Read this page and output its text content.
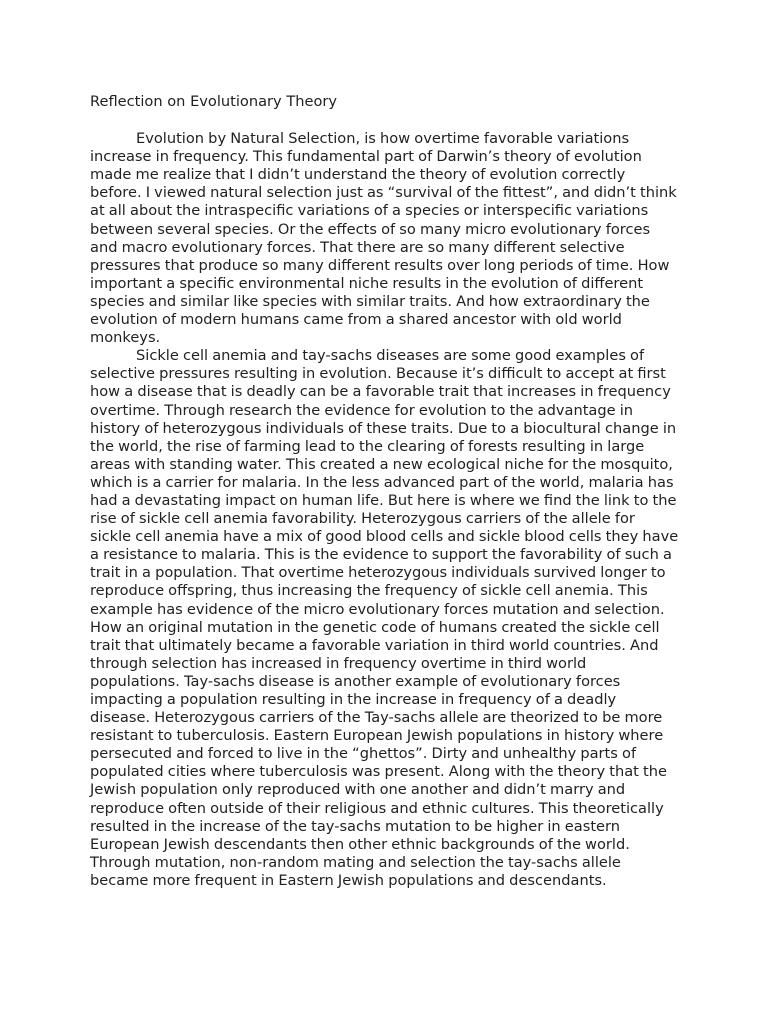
Reflection on Evolutionary Theory

Evolution by Natural Selection, is how overtime favorable variations increase in frequency. This fundamental part of Darwin’s theory of evolution made me realize that I didn’t understand the theory of evolution correctly before. I viewed natural selection just as “survival of the fittest”, and didn’t think at all about the intraspecific variations of a species or interspecific variations between several species. Or the effects of so many micro evolutionary forces and macro evolutionary forces. That there are so many different selective pressures that produce so many different results over long periods of time. How important a specific environmental niche results in the evolution of different species and similar like species with similar traits. And how extraordinary the evolution of modern humans came from a shared ancestor with old world monkeys.

Sickle cell anemia and tay-sachs diseases are some good examples of selective pressures resulting in evolution. Because it’s difficult to accept at first how a disease that is deadly can be a favorable trait that increases in frequency overtime. Through research the evidence for evolution to the advantage in history of heterozygous individuals of these traits. Due to a biocultural change in the world, the rise of farming lead to the clearing of forests resulting in large areas with standing water. This created a new ecological niche for the mosquito, which is a carrier for malaria. In the less advanced part of the world, malaria has had a devastating impact on human life. But here is where we find the link to the rise of sickle cell anemia favorability. Heterozygous carriers of the allele for sickle cell anemia have a mix of good blood cells and sickle blood cells they have a resistance to malaria. This is the evidence to support the favorability of such a trait in a population. That overtime heterozygous individuals survived longer to reproduce offspring, thus increasing the frequency of sickle cell anemia. This example has evidence of the micro evolutionary forces mutation and selection. How an original mutation in the genetic code of humans created the sickle cell trait that ultimately became a favorable variation in third world countries. And through selection has increased in frequency overtime in third world populations. Tay-sachs disease is another example of evolutionary forces impacting a population resulting in the increase in frequency of a deadly disease. Heterozygous carriers of the Tay-sachs allele are theorized to be more resistant to tuberculosis. Eastern European Jewish populations in history where persecuted and forced to live in the “ghettos”. Dirty and unhealthy parts of populated cities where tuberculosis was present. Along with the theory that the Jewish population only reproduced with one another and didn’t marry and reproduce often outside of their religious and ethnic cultures. This theoretically resulted in the increase of the tay-sachs mutation to be higher in eastern European Jewish descendants then other ethnic backgrounds of the world. Through mutation, non-random mating and selection the tay-sachs allele became more frequent in Eastern Jewish populations and descendants.
